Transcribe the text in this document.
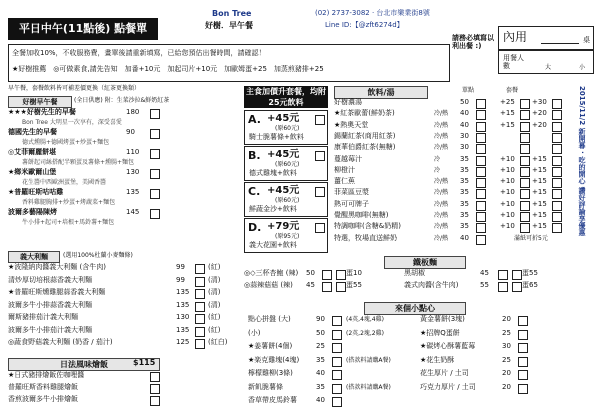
平日中午(11點後) 點餐單
Bon Tree
好樹．早午餐
(02) 2737-3082 · 台北市樂業街8號
Line ID:【@zft6274d】
請務必填寫以利出餐 :)
內用	桌
用餐人數	大	小
全餐加收10%，不收服務費，畫單後請重新填寫，已給您預估出餐時間，請確認！
★好樹推薦　◎可做素食,請先告知　加番+10元　加起司片+10元　加歐姆蛋+25　加蒸煎豬排+25
早午餐，套餐飲料皆可補差價更換（紅茶更換類）
好樹早午餐	(全日供應) 附：生菜沙拉&鮮奶紅茶
★★★好樹先生的早餐	180
Bon Tree 大明星一次享有，深受喜愛
德國先生的早餐	90
德式燻腸+德國烤蛋+炒蛋+麵包
◎艾菲爾麗餅堪	110
薯餅起司絲搭配半顆蛋及薯條+燻腸+麵包
★鄉米歐爾山堡	130
花生醬中西歐洲蛋堡，美國香醬
★普羅旺斯咕咕雞	135
香料雞腿胸排+炒蛋+烤蔬菜+麵包
波爾多藝陽陳烤	145
牛小排+起司+培根+馬鈴薯+麵包
義大利麵	(選用100%杜蘭小麥麵條)
★波隆納肉醬義大利麵 (含牛肉)	99	(紅)
清炒厚切培根蒜香義大利麵	99	(清)
★普羅旺斯燻雞腿蒜香義大利麵	135	(清)
波爾多牛小排蒜香義大利麵	135	(清)
爾斯豬排茄汁義大利麵	130	(紅)
波爾多牛小排茄汁義大利麵	135	(紅)
◎蔬食野菇義大利麵 (奶香 / 茄汁)	125	(紅白)
日法風味燴飯	$115
★日式豬排燴飯佐咖哩醬
普羅旺斯香料雞腿燴飯
香煎波爾多牛小排燴飯
主食加價升套餐，均附25元飲料
A. +45元
(原60元)
騎士脆薯條+飲料
B. +45元
(原60元)
德式雞塊+飲料
C. +45元
(原60元)
鮮蔬金沙+飲料
D. +79元
(原95元)
義大花園+飲料
飲料/湯	單點	套餐
好樹濃湯	50	+25 +30
★紅茶歐蕾(鮮奶茶)	冷/熱 40	+15 +20
★熱奧天堂	冷/熱 40	+15 +20
錫蘭紅茶(商用紅茶)	冷/熱 30
康華伯爵紅茶(無糖)	冷/熱 30
蔓越莓汁	冷	35	+10 +15
柳橙汁	冷	35	+10 +15
薑仁蕉	冷/熱 35	+10 +15
菲菜區豆漿	冷/熱 35	+10 +15
熱可可牌子	冷/熱 35	+10 +15
覺醒黑咖啡(無糖)	冷/熱 35	+10 +15
特調咖啡(含糖&奶精)	冷/熱 35	+10 +15
特選，牧場直送鮮奶	冷/熱 40	滿紙可折5元
2015/11/2 新開幕 · 吃的開心 讚好評論享優惠
鐵板麵
◎◇三杯杏鮑 (辣) 50	蛋10	黑胡椒	45	蛋55
◎蒜辣菇菇 (辣) 45	蛋55	義式肉醬(含牛肉)	55	蛋65
來個小點心
點心拼盤 (大)	90	(4英,4塊,4雞)	黃金薯餅(3塊)	20
(小)	50	(2英,2塊,2雞)	★招牌Q蛋餅	25
★姜薯餅(4個)	25	★碳烤心酥薯藍莓	30
★楽克雞塊(4塊) 35	(搭款料請購A餐)	★花生奶酥	25
檸檬雞柳(3條)	40	花生厚片 / 土司	20
新飢脆薯條	35	(搭款料請購A餐)	巧克力厚片 / 土司	20
香草帶皮馬鈴薯	40
